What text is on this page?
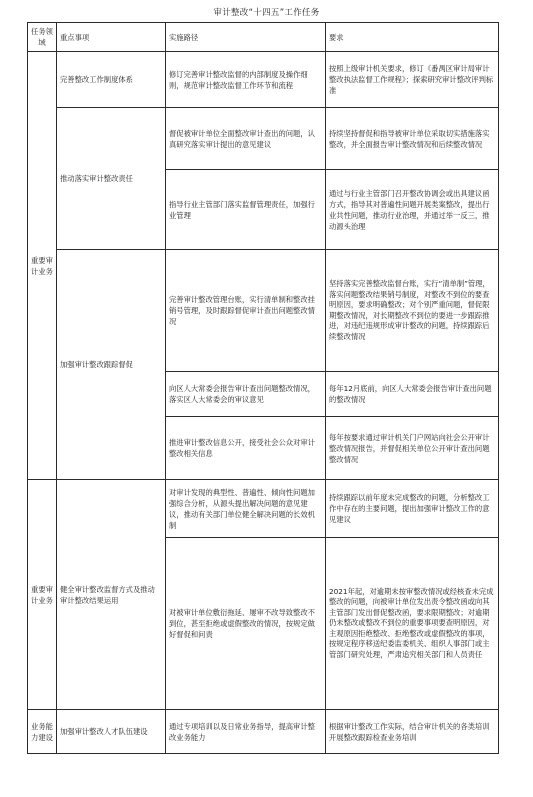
审计整改“十四五”工作任务
任务领域	重点事项	实施路径	要求
重要审计业务	完善整改工作制度体系	修订完善审计整改监督的内部制度及操作细则，规范审计整改监督工作环节和流程	按照上级审计机关要求，修订《番禺区审计局审计整改执法监督工作规程》；探索研究审计整改评判标准
	推动落实审计整改责任	督促被审计单位全面整改审计查出的问题，认真研究落实审计提出的意见建议	持续坚持督促和指导被审计单位采取切实措施落实整改，并全面报告审计整改情况和后续整改情况
		指导行业主管部门落实监督管理责任，加强行业管理	通过与行业主管部门召开整改协调会或出具建议函方式，指导其对普遍性问题开展类案整改，提出行业共性问题，推动行业治理，并通过举一反三，推动源头治理
	加强审计整改跟踪督促	完善审计整改管理台账，实行清单制和整改挂销号管理，及时跟踪督促审计查出问题整改情况	坚持落实完善整改监督台账，实行“清单制”管理，落实问题整改结果销号制度，对整改不到位的要查明原因，要求明确整改；对个别严重问题，督促限期整改情况，对长期整改不到位的要进一步跟踪推进，对违纪违规形成审计整改的问题，持续跟踪后续整改情况
		向区人大常委会报告审计查出问题整改情况，落实区人大常委会的审议意见	每年12月底前，向区人大常委会报告审计查出问题的整改情况
		推进审计整改信息公开，接受社会公众对审计整改相关信息	每年按要求通过审计机关门户网站向社会公开审计整改情况报告，并督促相关单位公开审计查出问题整改情况

重要审计业务	健全审计整改监督方式及推动审计整改结果运用	对审计发现的典型性、普遍性、倾向性问题加强综合分析，从源头提出解决问题的意见建议，推动有关部门单位健全解决问题的长效机制	持续跟踪以前年度未完成整改的问题，分析整改工作中存在的主要问题，提出加强审计整改工作的意见建议
		对被审计单位敷衍拖延、屡审不改导致整改不到位，甚至拒绝或虚假整改的情况，按规定做好督促和问责	2021年起，对逾期未按审整改情况或经核查未完成整改的问题，向被审计单位发出责令整改函或向其主管部门发出督促整改函，要求限期整改；对逾期仍未整改或整改不到位的重要事项要查明原因，对主观原因拒绝整改、拒绝整改或虚假整改的事项，按规定程序移送纪委监委机关、组织人事部门或主管部门研究处理，严肃追究相关部门和人员责任
业务能力建设	加强审计整改人才队伍建设	通过专项培训以及日常业务指导，提高审计整改业务能力	根据审计整改工作实际，结合审计机关的各类培训开展整改跟踪检查业务培训
